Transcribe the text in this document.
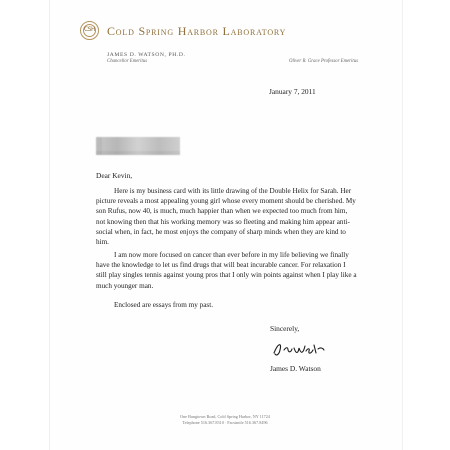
CSH Cold Spring Harbor Laboratory
JAMES D. WATSON, PH.D.
Chancellor Emeritus	Oliver R. Grace Professor Emeritus
January 7, 2011
Dear Kevin,

Here is my business card with its little drawing of the Double Helix for Sarah. Her picture reveals a most appealing young girl whose every moment should be cherished. My son Rufus, now 40, is much, much happier than when we expected too much from him, not knowing then that his working memory was so fleeting and making him appear anti-social when, in fact, he most enjoys the company of sharp minds when they are kind to him.

I am now more focused on cancer than ever before in my life believing we finally have the knowledge to let us find drugs that will beat incurable cancer. For relaxation I still play singles tennis against young pros that I only win points against when I play like a much younger man.

Enclosed are essays from my past.

Sincerely,
James D. Watson
One Bungtown Road, Cold Spring Harbor, NY 11724
Telephone 516.367.8310 · Facsimile 516.367.8496
